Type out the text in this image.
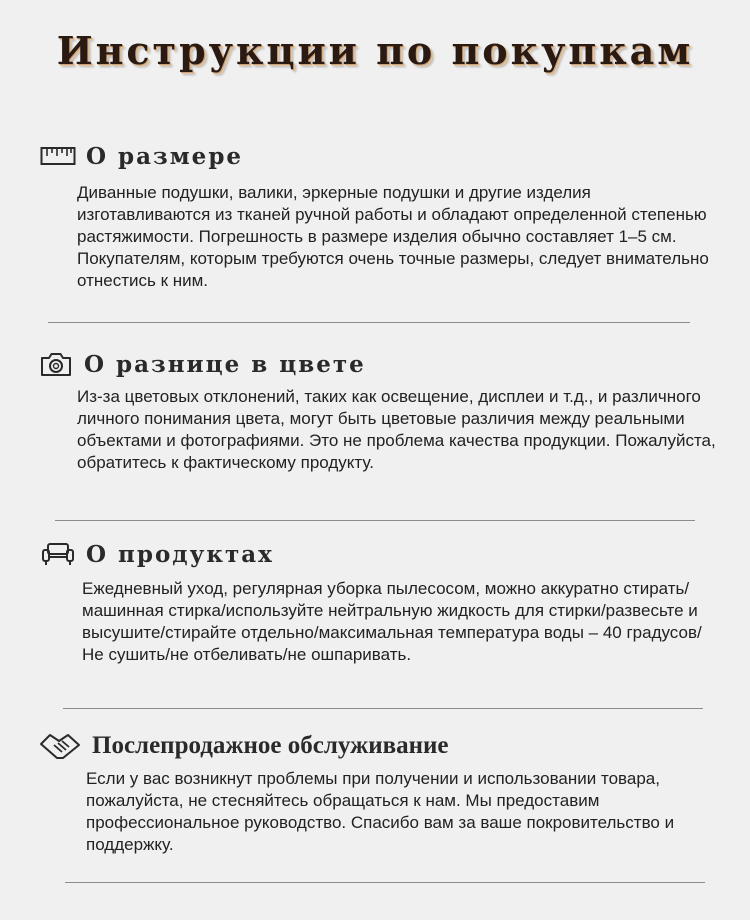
Инструкции по покупкам
О размере
Диванные подушки, валики, эркерные подушки и другие изделия изготавливаются из тканей ручной работы и обладают определенной степенью растяжимости. Погрешность в размере изделия обычно составляет 1–5 см. Покупателям, которым требуются очень точные размеры, следует внимательно отнестись к ним.
О разнице в цвете
Из-за цветовых отклонений, таких как освещение, дисплеи и т.д., и различного личного понимания цвета, могут быть цветовые различия между реальными объектами и фотографиями. Это не проблема качества продукции. Пожалуйста, обратитесь к фактическому продукту.
О продуктах
Ежедневный уход, регулярная уборка пылесосом, можно аккуратно стирать/машинная стирка/используйте нейтральную жидкость для стирки/развесьте и высушите/стирайте отдельно/максимальная температура воды – 40 градусов/Не сушить/не отбеливать/не ошпаривать.
Послепродажное обслуживание
Если у вас возникнут проблемы при получении и использовании товара, пожалуйста, не стесняйтесь обращаться к нам. Мы предоставим профессиональное руководство. Спасибо вам за ваше покровительство и поддержку.
